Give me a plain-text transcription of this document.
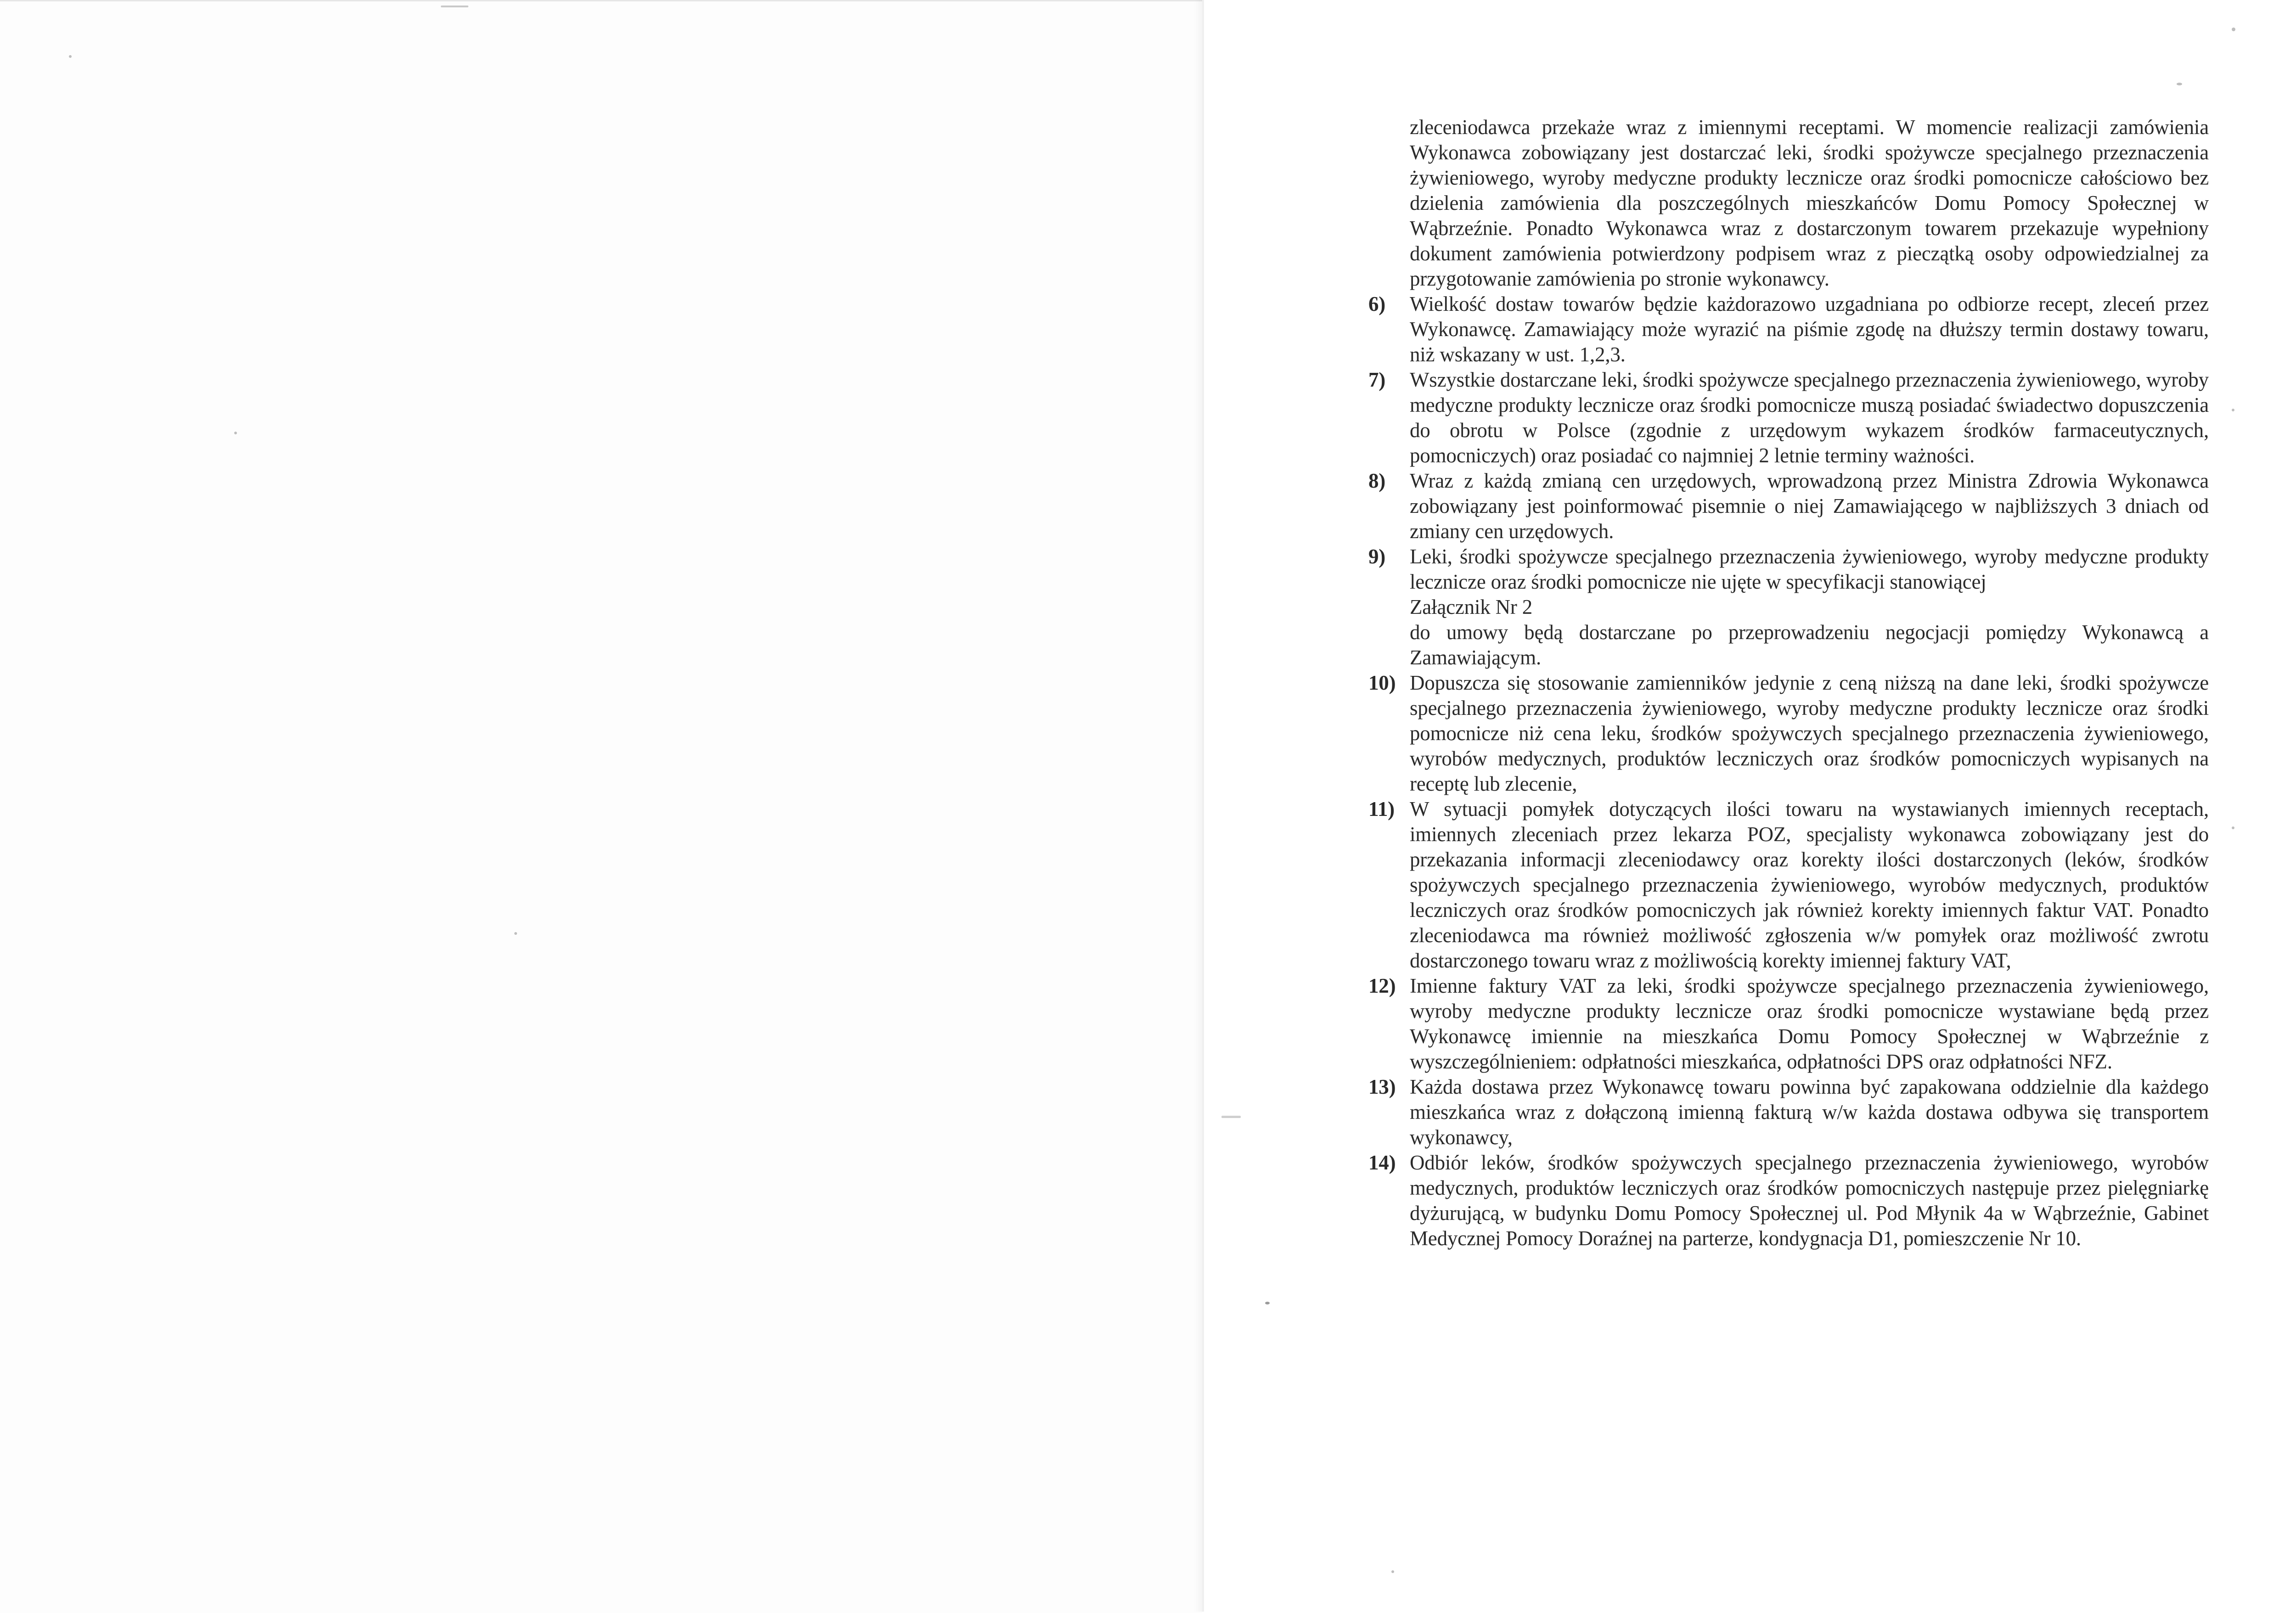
zleceniodawca przekaże wraz z imiennymi receptami. W momencie realizacji zamówienia Wykonawca zobowiązany jest dostarczać leki, środki spożywcze specjalnego przeznaczenia żywieniowego, wyroby medyczne produkty lecznicze oraz środki pomocnicze całościowo bez dzielenia zamówienia dla poszczególnych mieszkańców Domu Pomocy Społecznej w Wąbrzeźnie. Ponadto Wykonawca wraz z dostarczonym towarem przekazuje wypełniony dokument zamówienia potwierdzony podpisem wraz z pieczątką osoby odpowiedzialnej za przygotowanie zamówienia po stronie wykonawcy.

6)	Wielkość dostaw towarów będzie każdorazowo uzgadniana po odbiorze recept, zleceń przez Wykonawcę. Zamawiający może wyrazić na piśmie zgodę na dłuższy termin dostawy towaru, niż wskazany w ust. 1,2,3.
7)	Wszystkie dostarczane leki, środki spożywcze specjalnego przeznaczenia żywieniowego, wyroby medyczne produkty lecznicze oraz środki pomocnicze muszą posiadać świadectwo dopuszczenia do obrotu w Polsce (zgodnie z urzędowym wykazem środków farmaceutycznych, pomocniczych) oraz posiadać co najmniej 2 letnie terminy ważności.
8)	Wraz z każdą zmianą cen urzędowych, wprowadzoną przez Ministra Zdrowia Wykonawca zobowiązany jest poinformować pisemnie o niej Zamawiającego w najbliższych 3 dniach od zmiany cen urzędowych.
9)	Leki, środki spożywcze specjalnego przeznaczenia żywieniowego, wyroby medyczne produkty lecznicze oraz środki pomocnicze nie ujęte w specyfikacji stanowiącej
Załącznik Nr 2
do umowy będą dostarczane po przeprowadzeniu negocjacji pomiędzy Wykonawcą a Zamawiającym.
10) Dopuszcza się stosowanie zamienników jedynie z ceną niższą na dane leki, środki spożywcze specjalnego przeznaczenia żywieniowego, wyroby medyczne produkty lecznicze oraz środki pomocnicze niż cena leku, środków spożywczych specjalnego przeznaczenia żywieniowego, wyrobów medycznych, produktów leczniczych oraz środków pomocniczych wypisanych na receptę lub zlecenie,
11) W sytuacji pomyłek dotyczących ilości towaru na wystawianych imiennych receptach, imiennych zleceniach przez lekarza POZ, specjalisty wykonawca zobowiązany jest do przekazania informacji zleceniodawcy oraz korekty ilości dostarczonych (leków, środków spożywczych specjalnego przeznaczenia żywieniowego, wyrobów medycznych, produktów leczniczych oraz środków pomocniczych jak również korekty imiennych faktur VAT. Ponadto zleceniodawca ma również możliwość zgłoszenia w/w pomyłek oraz możliwość zwrotu dostarczonego towaru wraz z możliwością korekty imiennej faktury VAT,
12) Imienne faktury VAT za leki, środki spożywcze specjalnego przeznaczenia żywieniowego, wyroby medyczne produkty lecznicze oraz środki pomocnicze wystawiane będą przez Wykonawcę imiennie na mieszkańca Domu Pomocy Społecznej w Wąbrzeźnie z wyszczególnieniem: odpłatności mieszkańca, odpłatności DPS oraz odpłatności NFZ.
13) Każda dostawa przez Wykonawcę towaru powinna być zapakowana oddzielnie dla każdego mieszkańca wraz z dołączoną imienną fakturą w/w każda dostawa odbywa się transportem wykonawcy,
14) Odbiór leków, środków spożywczych specjalnego przeznaczenia żywieniowego, wyrobów medycznych, produktów leczniczych oraz środków pomocniczych następuje przez pielęgniarkę dyżurującą, w budynku Domu Pomocy Społecznej ul. Pod Młynik 4a w Wąbrzeźnie, Gabinet Medycznej Pomocy Doraźnej na parterze, kondygnacja D1, pomieszczenie Nr 10.
